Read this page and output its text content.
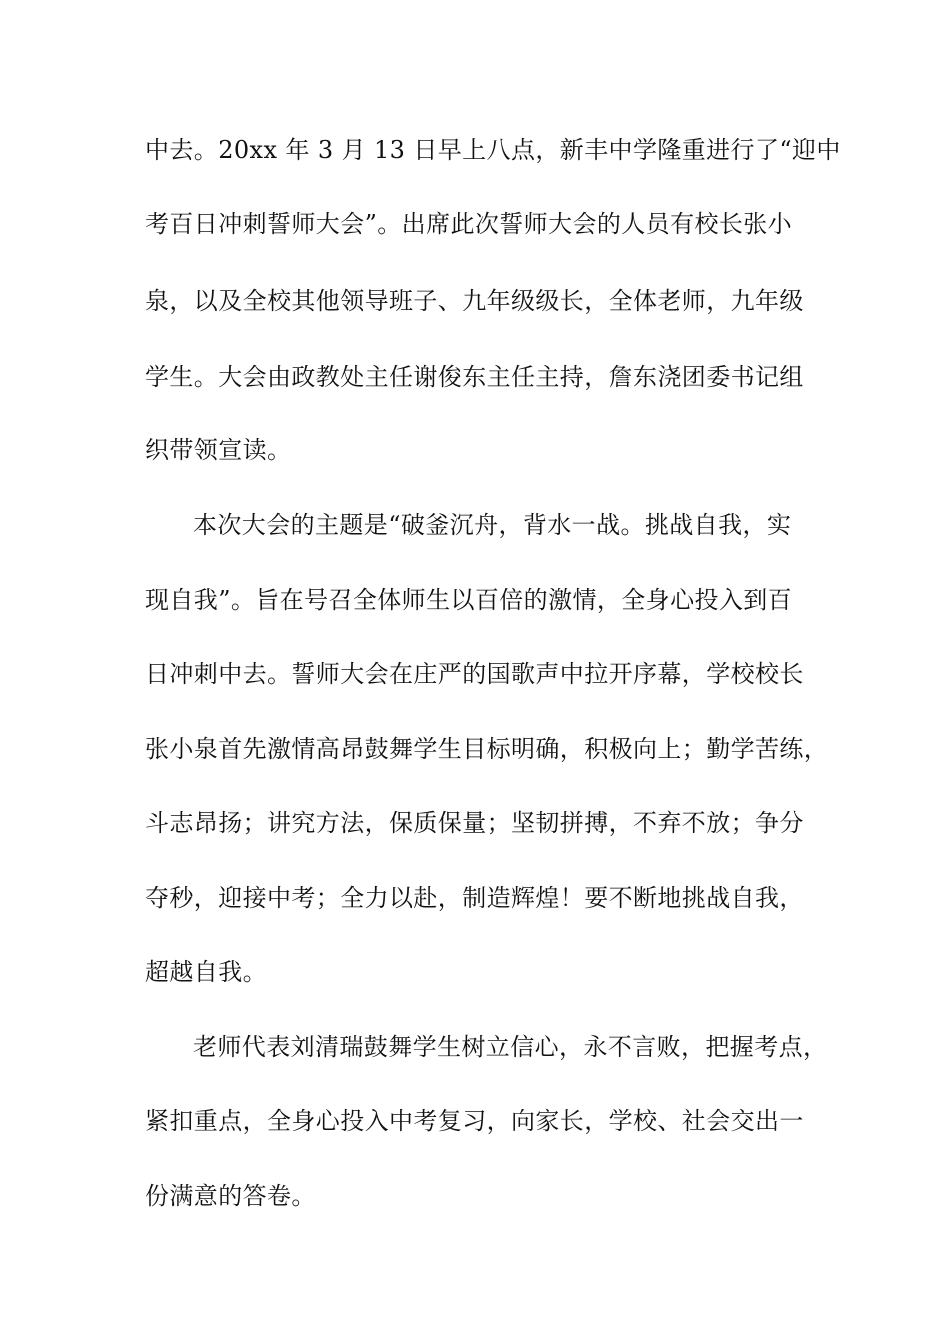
中去。20xx 年 3 月 13 日早上八点，新丰中学隆重进行了“迎中
考百日冲刺誓师大会”。出席此次誓师大会的人员有校长张小
泉，以及全校其他领导班子、九年级级长，全体老师，九年级
学生。大会由政教处主任谢俊东主任主持，詹东浇团委书记组
织带领宣读。
本次大会的主题是“破釜沉舟，背水一战。挑战自我，实
现自我”。旨在号召全体师生以百倍的激情，全身心投入到百
日冲刺中去。誓师大会在庄严的国歌声中拉开序幕，学校校长
张小泉首先激情高昂鼓舞学生目标明确，积极向上；勤学苦练，
斗志昂扬；讲究方法，保质保量；坚韧拼搏，不弃不放；争分
夺秒，迎接中考；全力以赴，制造辉煌！要不断地挑战自我，
超越自我。
老师代表刘清瑞鼓舞学生树立信心，永不言败，把握考点，
紧扣重点，全身心投入中考复习，向家长，学校、社会交出一
份满意的答卷。
